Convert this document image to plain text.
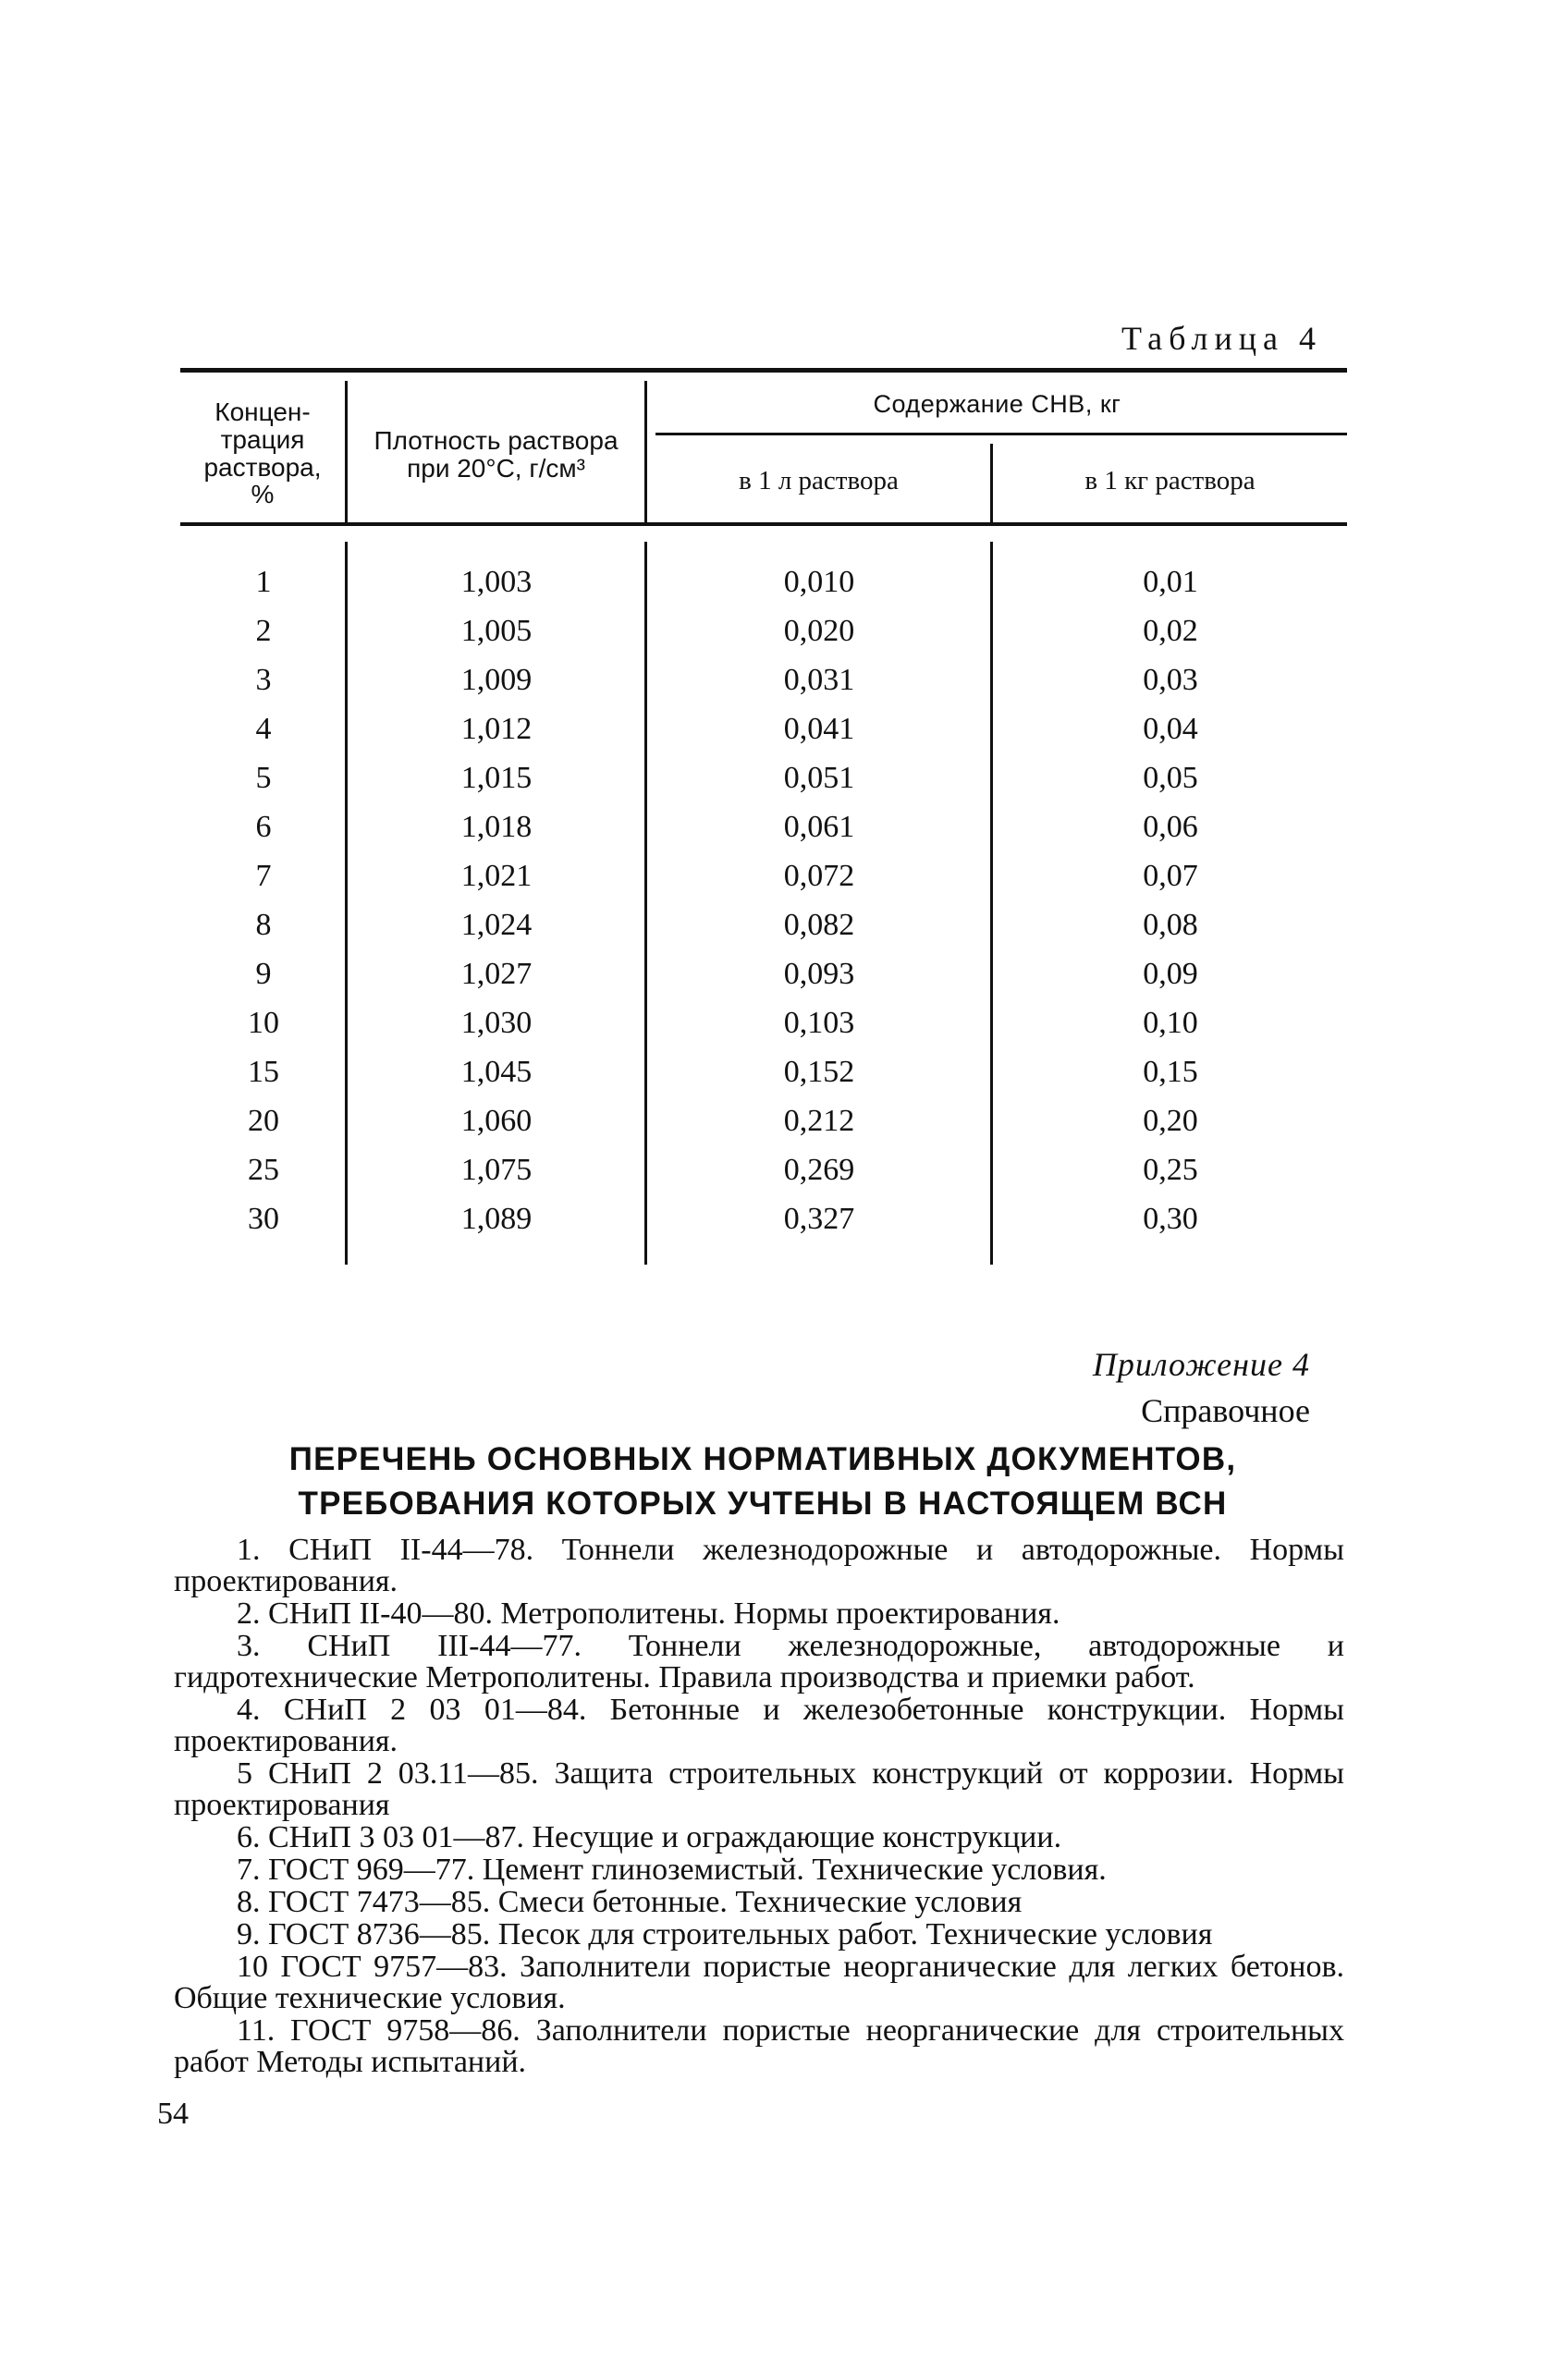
Таблица 4
Концен-
трация
раствора,
%
Плотность раствора
при 20°С, г/см³
Содержание СНВ, кг
в 1 л раствора	в 1 кг раствора
1	1,003	0,010	0,01
2	1,005	0,020	0,02
3	1,009	0,031	0,03
4	1,012	0,041	0,04
5	1,015	0,051	0,05
6	1,018	0,061	0,06
7	1,021	0,072	0,07
8	1,024	0,082	0,08
9	1,027	0,093	0,09
10	1,030	0,103	0,10
15	1,045	0,152	0,15
20	1,060	0,212	0,20
25	1,075	0,269	0,25
30	1,089	0,327	0,30
Приложение 4
Справочное
ПЕРЕЧЕНЬ ОСНОВНЫХ НОРМАТИВНЫХ ДОКУМЕНТОВ,
ТРЕБОВАНИЯ КОТОРЫХ УЧТЕНЫ В НАСТОЯЩЕМ ВСН

1. СНиП II-44—78. Тоннели железнодорожные и автодорожные. Нормы проектирования.

2. СНиП II-40—80. Метрополитены. Нормы проектирования.

3. СНиП III-44—77. Тоннели железнодорожные, автодорожные и гидротехнические Метрополитены. Правила производства и приемки работ.

4. СНиП 2 03 01—84. Бетонные и железобетонные конструкции. Нормы проектирования.

5 СНиП 2 03.11—85. Защита строительных конструкций от коррозии. Нормы проектирования

6. СНиП 3 03 01—87. Несущие и ограждающие конструкции.

7. ГОСТ 969—77. Цемент глиноземистый. Технические условия.

8. ГОСТ 7473—85. Смеси бетонные. Технические условия

9. ГОСТ 8736—85. Песок для строительных работ. Технические условия

10 ГОСТ 9757—83. Заполнители пористые неорганические для легких бетонов. Общие технические условия.

11. ГОСТ 9758—86. Заполнители пористые неорганические для строительных работ Методы испытаний.

54
